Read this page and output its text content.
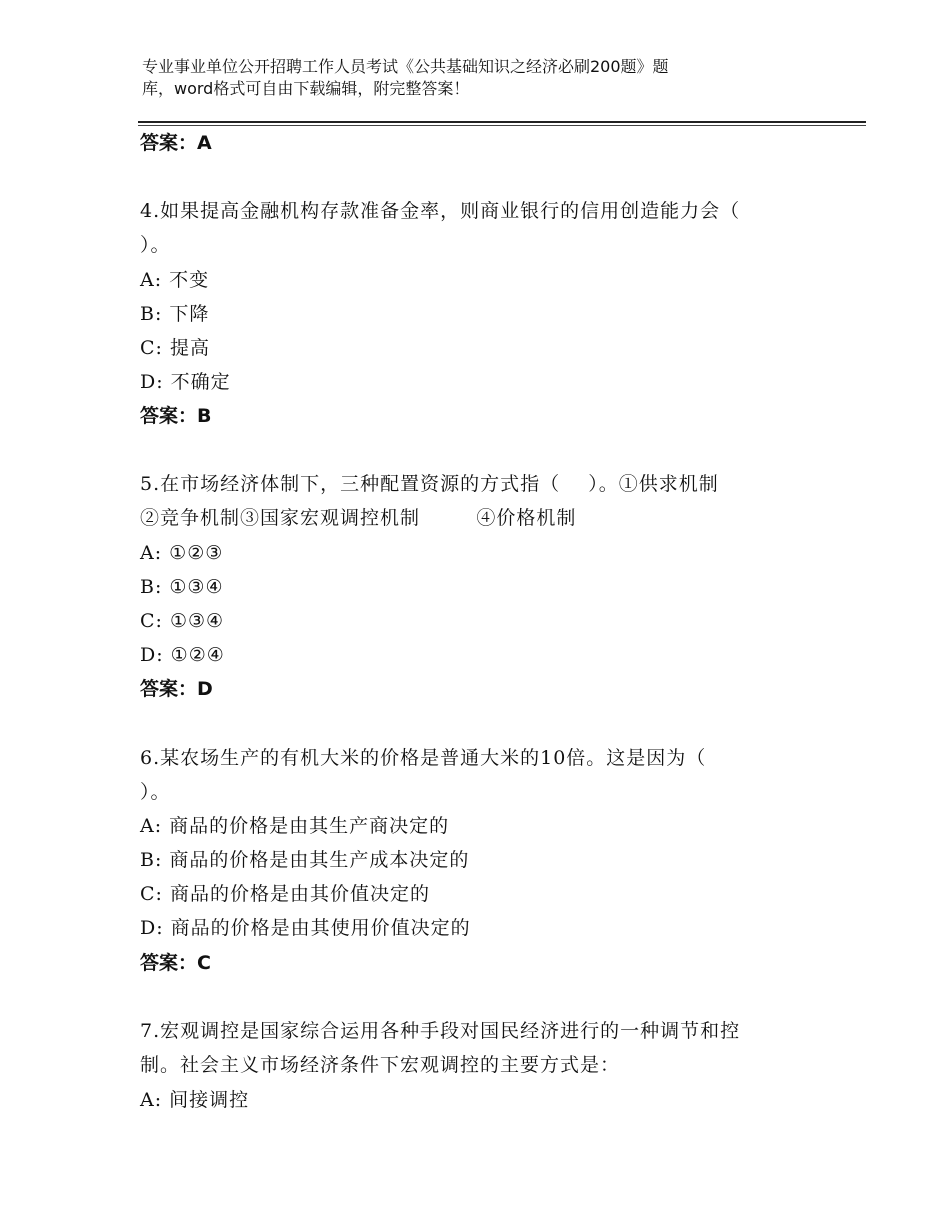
专业事业单位公开招聘工作人员考试《公共基础知识之经济必刷200题》题
库，word格式可自由下载编辑，附完整答案！
答案：A
4.如果提高金融机构存款准备金率，则商业银行的信用创造能力会（
）。
A: 不变
B: 下降
C: 提高
D: 不确定
答案：B
5.在市场经济体制下，三种配置资源的方式指（    ）。①供求机制
②竞争机制③国家宏观调控机制        ④价格机制
A: ①②③
B: ①③④
C: ①③④
D: ①②④
答案：D
6.某农场生产的有机大米的价格是普通大米的10倍。这是因为（
）。
A: 商品的价格是由其生产商决定的
B: 商品的价格是由其生产成本决定的
C: 商品的价格是由其价值决定的
D: 商品的价格是由其使用价值决定的
答案：C
7.宏观调控是国家综合运用各种手段对国民经济进行的一种调节和控
制。社会主义市场经济条件下宏观调控的主要方式是：
A: 间接调控
